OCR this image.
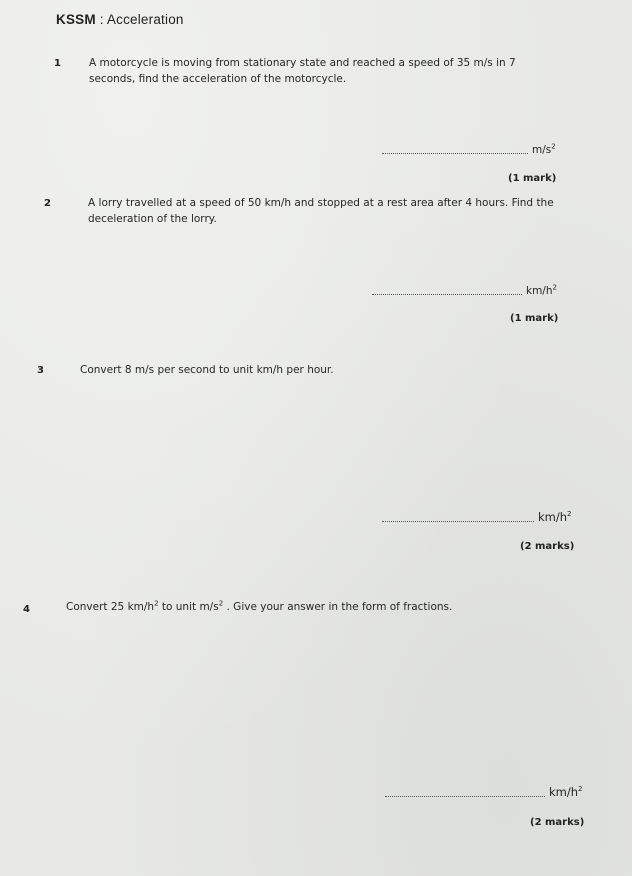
KSSM : Acceleration
1	A motorcycle is moving from stationary state and reached a speed of 35 m/s in 7 seconds, find the acceleration of the motorcycle.
$m/s^2$
(1 mark)
2	A lorry travelled at a speed of 50 km/h and stopped at a rest area after 4 hours. Find the deceleration of the lorry.
$km/h^2$
(1 mark)
3	Convert 8 m/s per second to unit km/h per hour.
$km/h^2$
(2 marks)
4	Convert 25 $km/h^2$ to unit $m/s^2$ . Give your answer in the form of fractions.
$km/h^2$
(2 marks)
